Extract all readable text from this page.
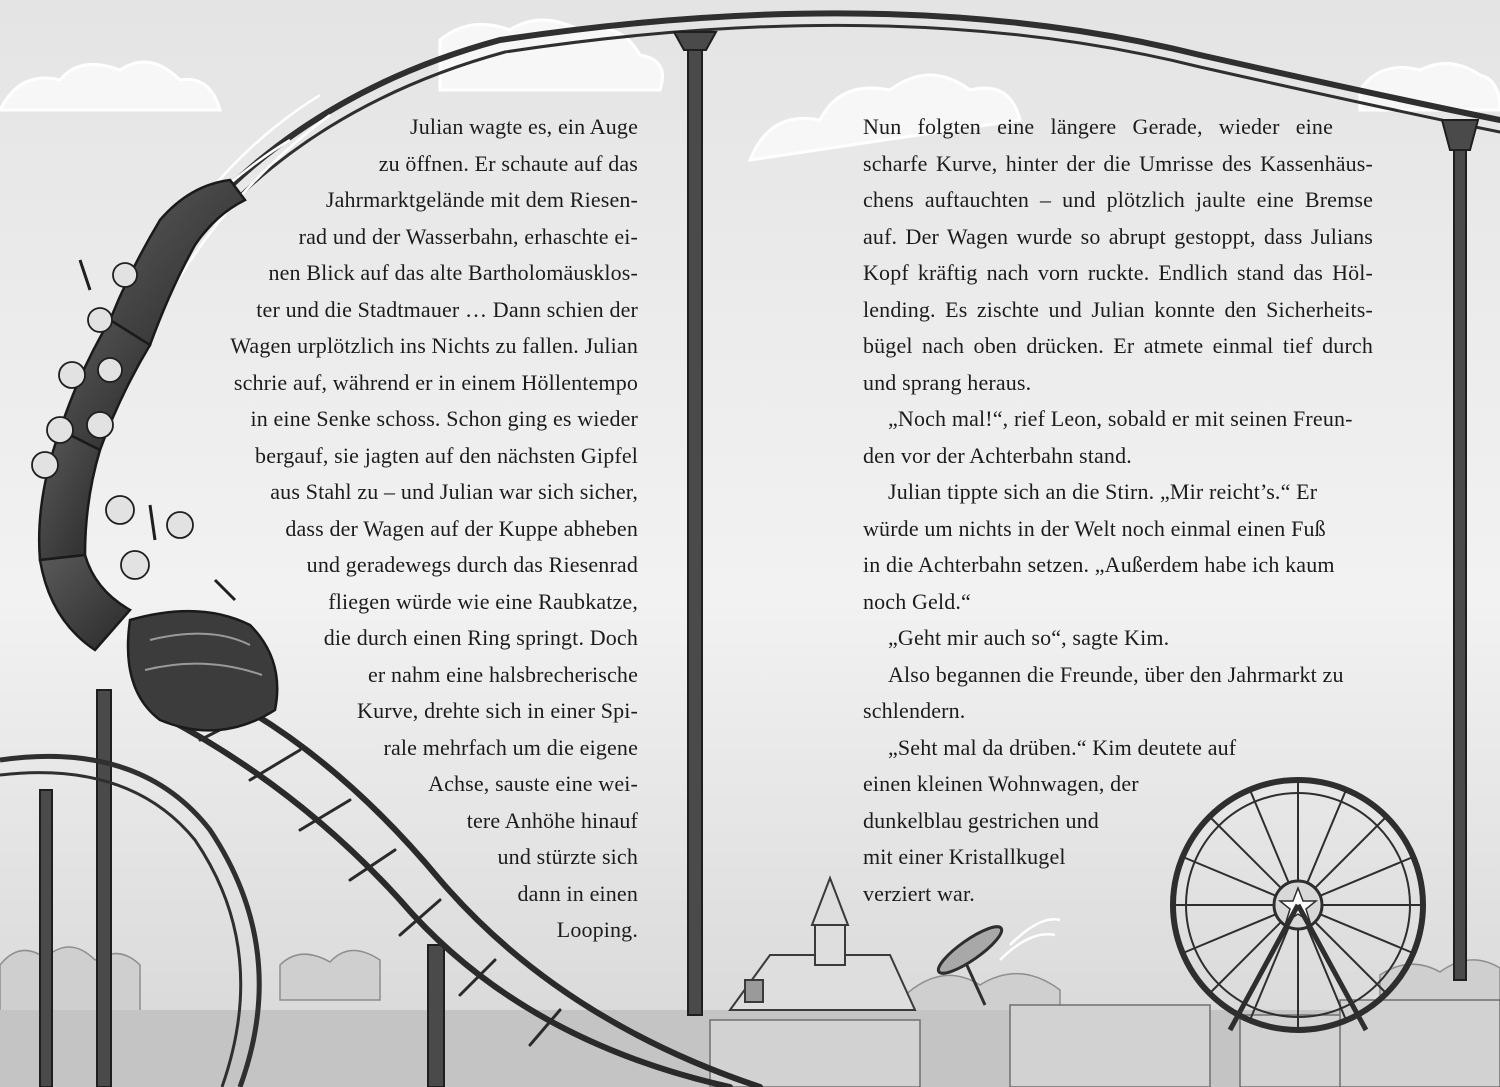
Julian wagte es, ein Auge
zu öffnen. Er schaute auf das
Jahrmarktgelände mit dem Riesen-
rad und der Wasserbahn, erhaschte ei-
nen Blick auf das alte Bartholomäusklos-
ter und die Stadtmauer … Dann schien der
Wagen urplötzlich ins Nichts zu fallen. Julian
schrie auf, während er in einem Höllentempo
in eine Senke schoss. Schon ging es wieder
bergauf, sie jagten auf den nächsten Gipfel
aus Stahl zu – und Julian war sich sicher,
dass der Wagen auf der Kuppe abheben
und geradewegs durch das Riesenrad
fliegen würde wie eine Raubkatze,
die durch einen Ring springt. Doch
er nahm eine halsbrecherische
Kurve, drehte sich in einer Spi-
rale mehrfach um die eigene
Achse, sauste eine wei-
tere Anhöhe hinauf
und stürzte sich
dann in einen
Looping.
Nun folgten eine längere Gerade, wieder eine
scharfe Kurve, hinter der die Umrisse des Kassenhäus-
chens auftauchten – und plötzlich jaulte eine Bremse
auf. Der Wagen wurde so abrupt gestoppt, dass Julians
Kopf kräftig nach vorn ruckte. Endlich stand das Höl-
lending. Es zischte und Julian konnte den Sicherheits-
bügel nach oben drücken. Er atmete einmal tief durch
und sprang heraus.
„Noch mal!“, rief Leon, sobald er mit seinen Freun-
den vor der Achterbahn stand.
Julian tippte sich an die Stirn. „Mir reicht’s.“ Er
würde um nichts in der Welt noch einmal einen Fuß
in die Achterbahn setzen. „Außerdem habe ich kaum
noch Geld.“
„Geht mir auch so“, sagte Kim.
Also begannen die Freunde, über den Jahrmarkt zu
schlendern.
„Seht mal da drüben.“ Kim deutete auf
einen kleinen Wohnwagen, der
dunkelblau gestrichen und
mit einer Kristallkugel
verziert war.
